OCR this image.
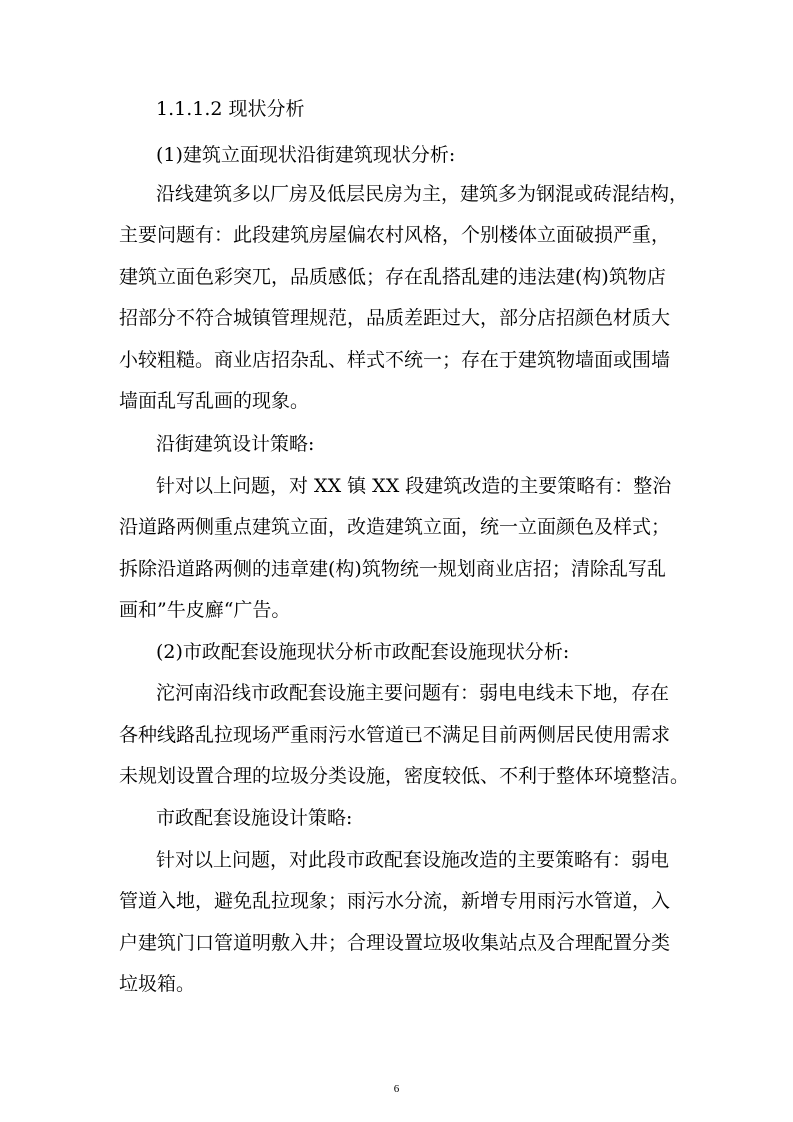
1.1.1.2 现状分析
(1)建筑立面现状沿街建筑现状分析:
沿线建筑多以厂房及低层民房为主，建筑多为钢混或砖混结构，
主要问题有：此段建筑房屋偏农村风格，个别楼体立面破损严重，
建筑立面色彩突兀，品质感低；存在乱搭乱建的违法建(构)筑物店
招部分不符合城镇管理规范，品质差距过大，部分店招颜色材质大
小较粗糙。商业店招杂乱、样式不统一；存在于建筑物墙面或围墙
墙面乱写乱画的现象。
沿街建筑设计策略:
针对以上问题，对 XX 镇 XX 段建筑改造的主要策略有：整治
沿道路两侧重点建筑立面，改造建筑立面，统一立面颜色及样式；
拆除沿道路两侧的违章建(构)筑物统一规划商业店招；清除乱写乱
画和”牛皮廯“广告。
(2)市政配套设施现状分析市政配套设施现状分析:
沱河南沿线市政配套设施主要问题有：弱电电线未下地，存在
各种线路乱拉现场严重雨污水管道已不满足目前两侧居民使用需求
未规划设置合理的垃圾分类设施，密度较低、不利于整体环境整洁。
市政配套设施设计策略:
针对以上问题，对此段市政配套设施改造的主要策略有：弱电
管道入地，避免乱拉现象；雨污水分流，新增专用雨污水管道，入
户建筑门口管道明敷入井；合理设置垃圾收集站点及合理配置分类
垃圾箱。
6
